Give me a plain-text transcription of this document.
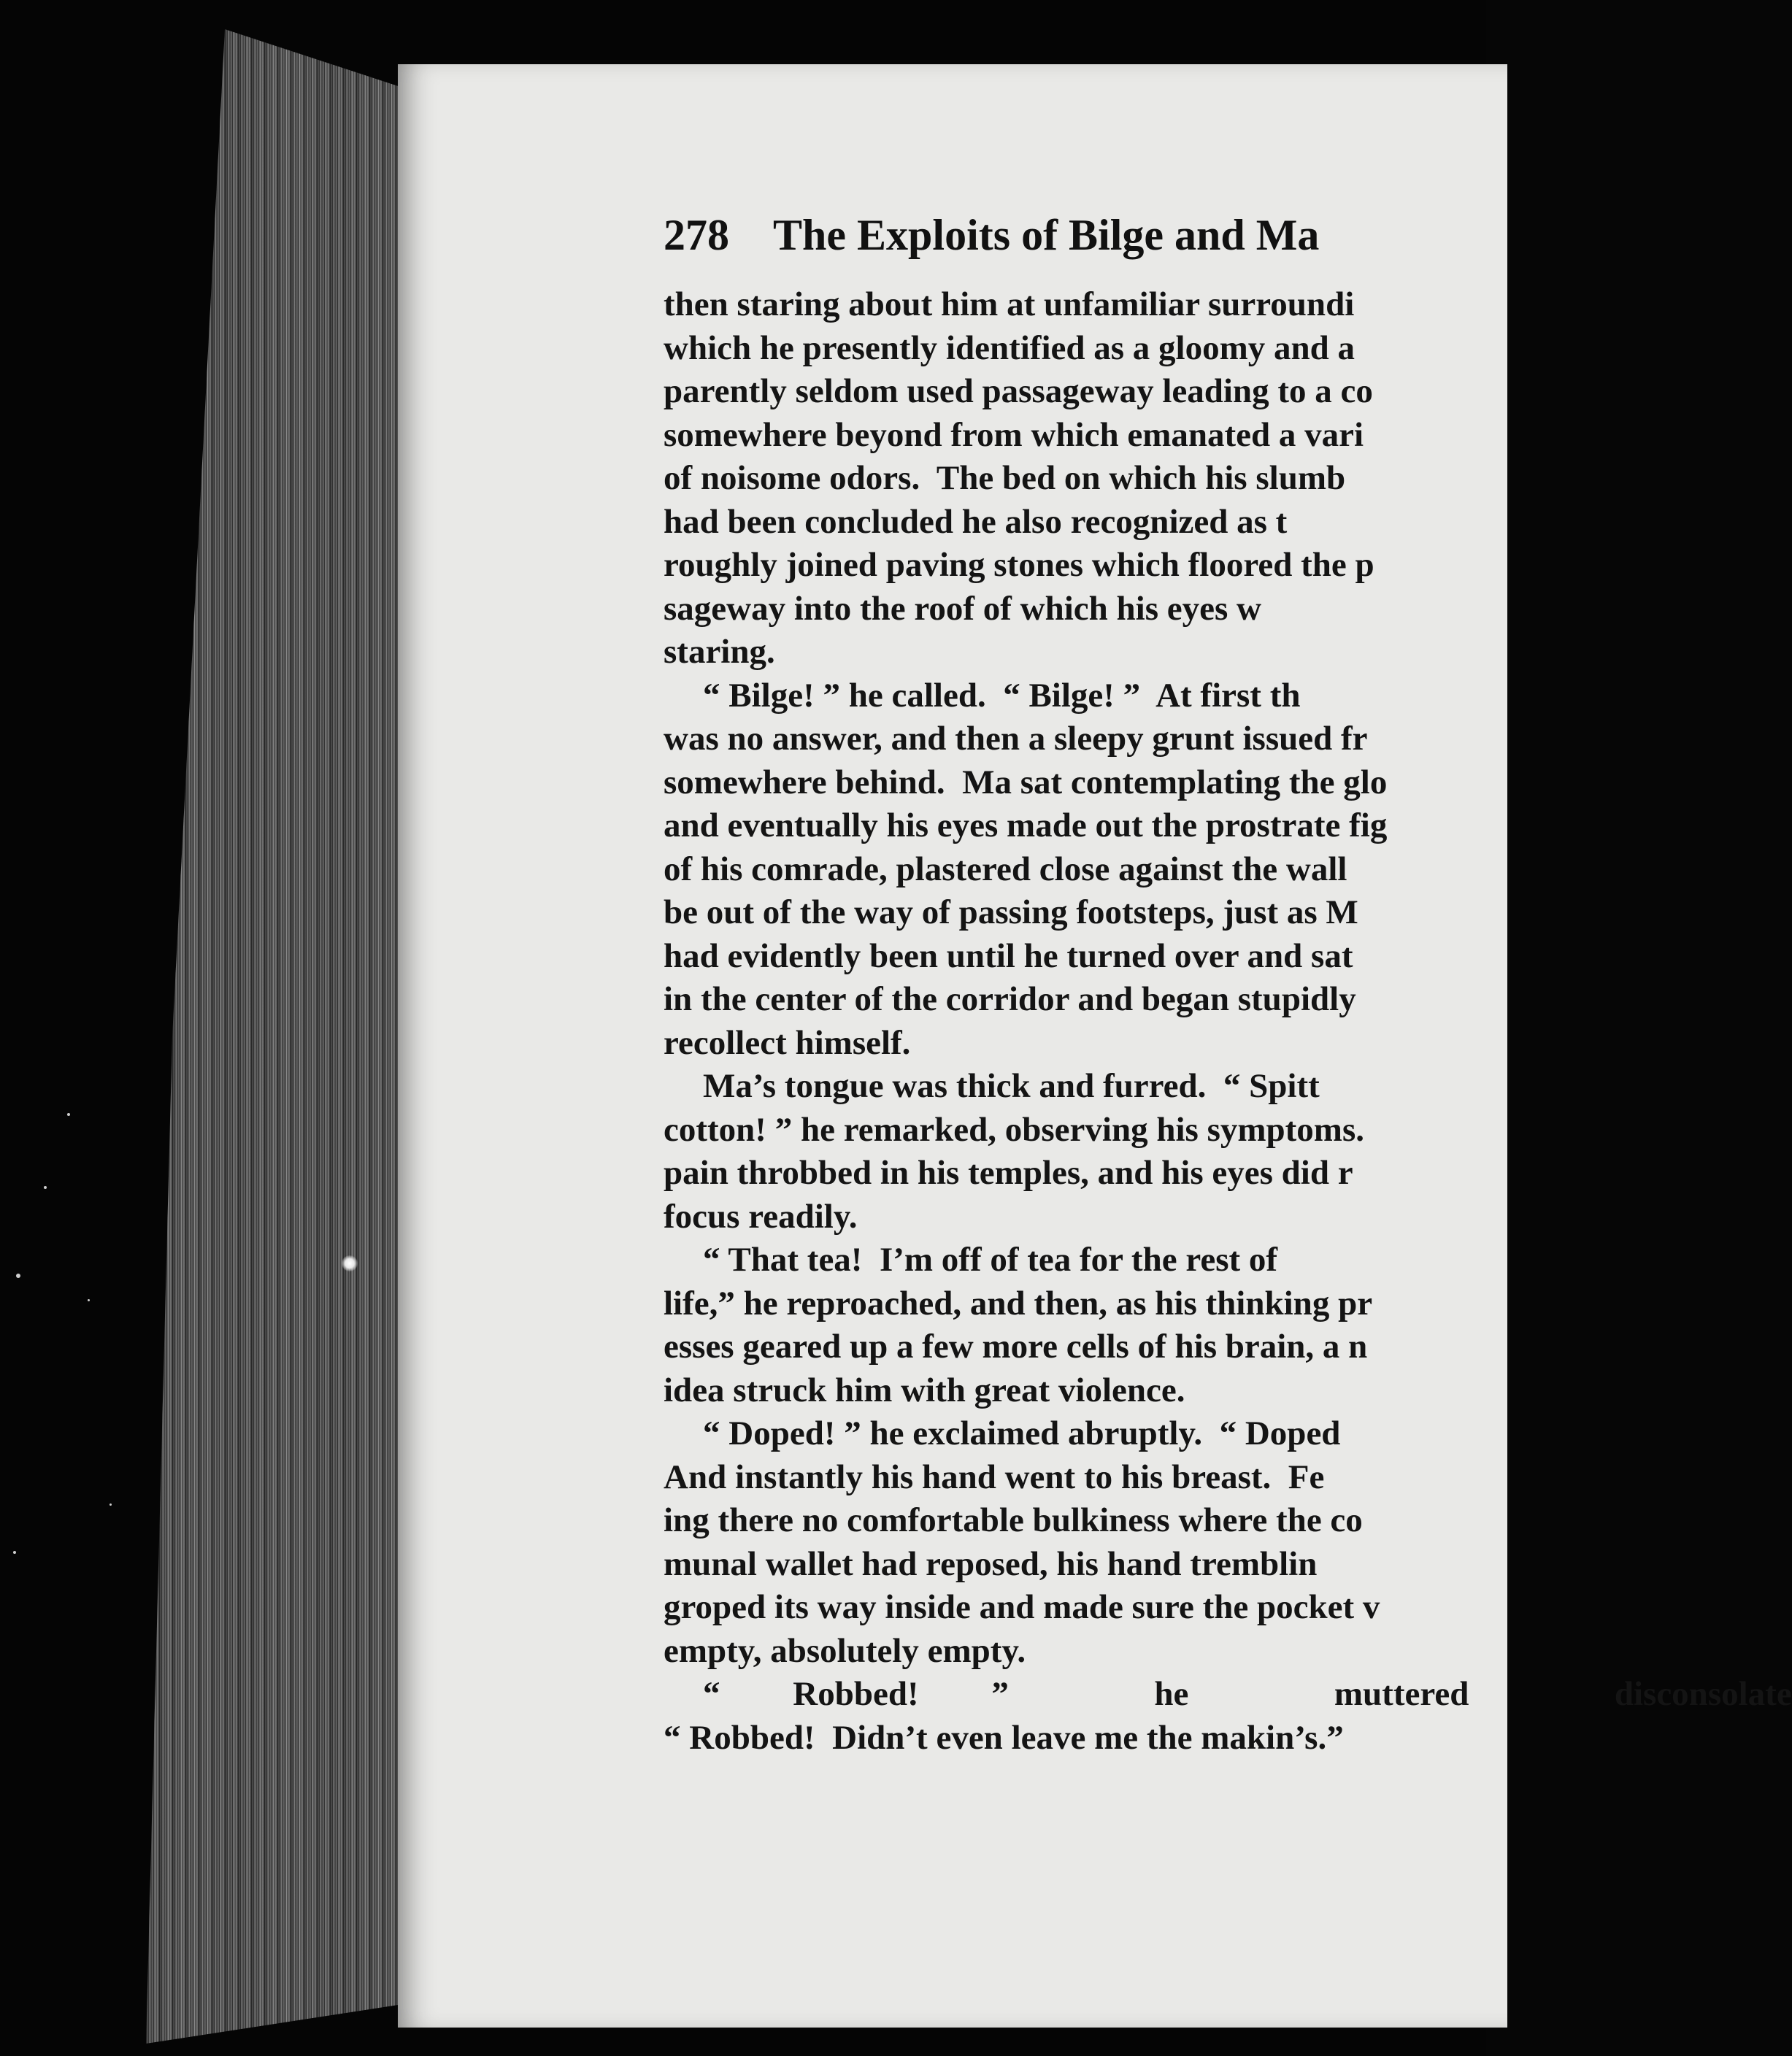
278 The Exploits of Bilge and Ma
then staring about him at unfamiliar surroundi
which he presently identified as a gloomy and a
parently seldom used passageway leading to a co
somewhere beyond from which emanated a vari
of noisome odors.  The bed on which his slumb
had been concluded he also recognized as t
roughly joined paving stones which floored the p
sageway into the roof of which his eyes w
staring.
“ Bilge! ” he called.  “ Bilge! ”  At first th
was no answer, and then a sleepy grunt issued fr
somewhere behind.  Ma sat contemplating the glo
and eventually his eyes made out the prostrate fig
of his comrade, plastered close against the wall
be out of the way of passing footsteps, just as M
had evidently been until he turned over and sat
in the center of the corridor and began stupidly
recollect himself.
Ma’s tongue was thick and furred.  “ Spitt
cotton! ” he remarked, observing his symptoms.
pain throbbed in his temples, and his eyes did r
focus readily.
“ That tea!  I’m off of tea for the rest of
life,” he reproached, and then, as his thinking pr
esses geared up a few more cells of his brain, a n
idea struck him with great violence.
“ Doped! ” he exclaimed abruptly.  “ Doped
And instantly his hand went to his breast.  Fe
ing there no comfortable bulkiness where the co
munal wallet had reposed, his hand tremblin
groped its way inside and made sure the pocket v
empty, absolutely empty.
“ Robbed! ”  he  muttered  disconsolate
“ Robbed!  Didn’t even leave me the makin’s.”
